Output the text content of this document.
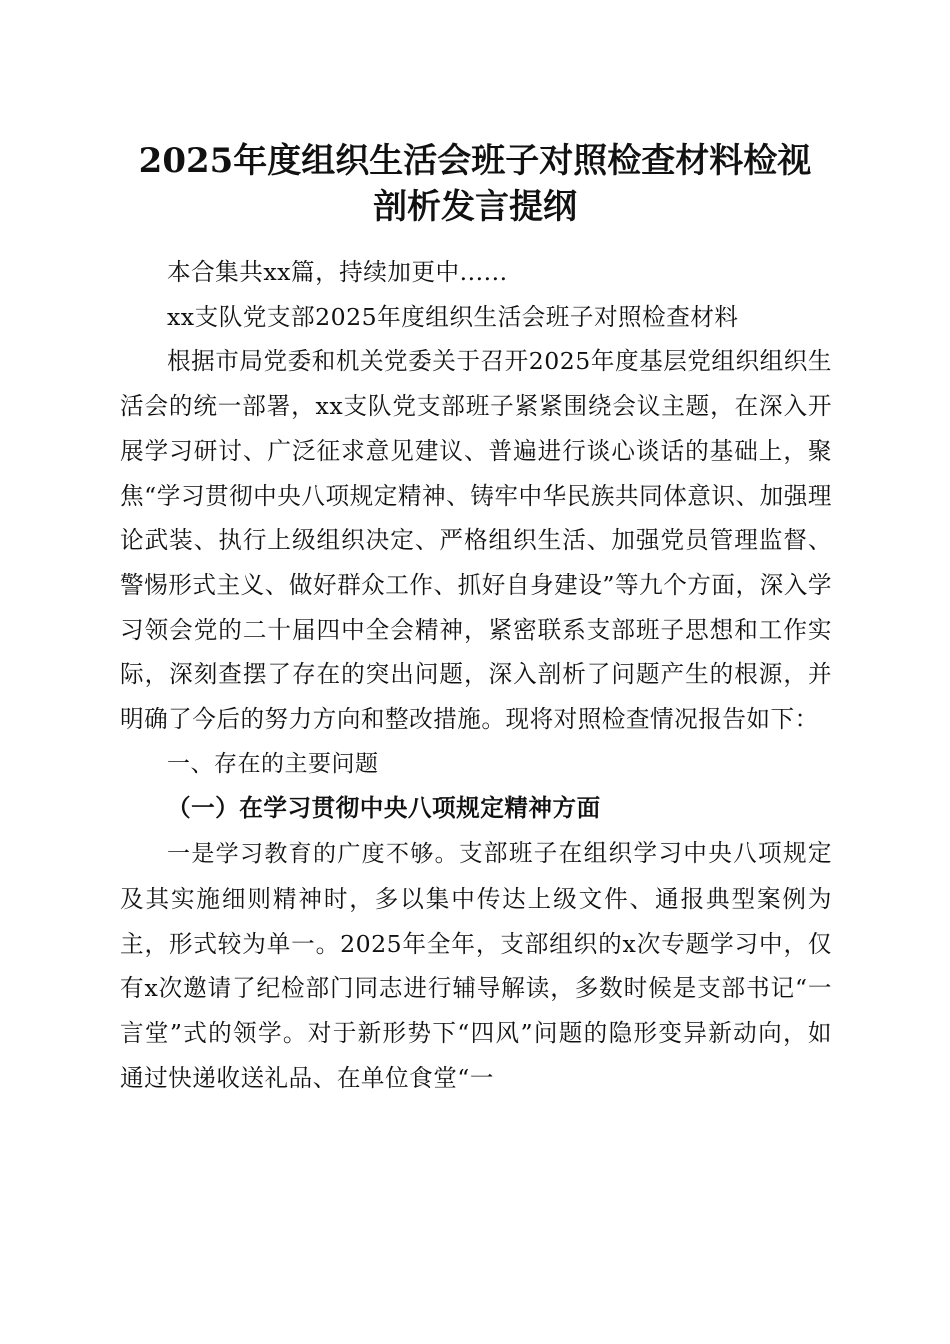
2025年度组织生活会班子对照检查材料检视
剖析发言提纲

本合集共xx篇，持续加更中......

xx支队党支部2025年度组织生活会班子对照检查材料

根据市局党委和机关党委关于召开2025年度基层党组织组织生活会的统一部署，xx支队党支部班子紧紧围绕会议主题，在深入开展学习研讨、广泛征求意见建议、普遍进行谈心谈话的基础上，聚焦“学习贯彻中央八项规定精神、铸牢中华民族共同体意识、加强理论武装、执行上级组织决定、严格组织生活、加强党员管理监督、警惕形式主义、做好群众工作、抓好自身建设”等九个方面，深入学习领会党的二十届四中全会精神，紧密联系支部班子思想和工作实际，深刻查摆了存在的突出问题，深入剖析了问题产生的根源，并明确了今后的努力方向和整改措施。现将对照检查情况报告如下：

一、存在的主要问题

（一）在学习贯彻中央八项规定精神方面

一是学习教育的广度不够。支部班子在组织学习中央八项规定及其实施细则精神时，多以集中传达上级文件、通报典型案例为主，形式较为单一。2025年全年，支部组织的x次专题学习中，仅有x次邀请了纪检部门同志进行辅导解读，多数时候是支部书记“一言堂”式的领学。对于新形势下“四风”问题的隐形变异新动向，如通过快递收送礼品、在单位食堂“一
